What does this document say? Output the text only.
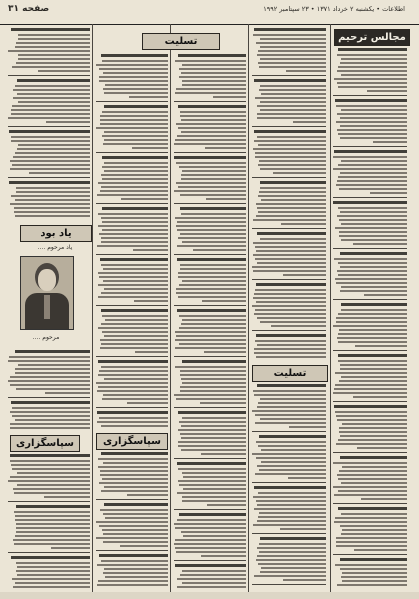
صفحه ۳۱	اطلاعات • یکشنبه ۲ خرداد ۱۳۷۱ • ۲۳ سپتامبر ۱۹۹۲
مجالس ترحیم
تسلیت
یاد بود
تسلیت
سپاسگزاری	سپاسگزاری
یاد مرحوم ....
مرحوم ....
